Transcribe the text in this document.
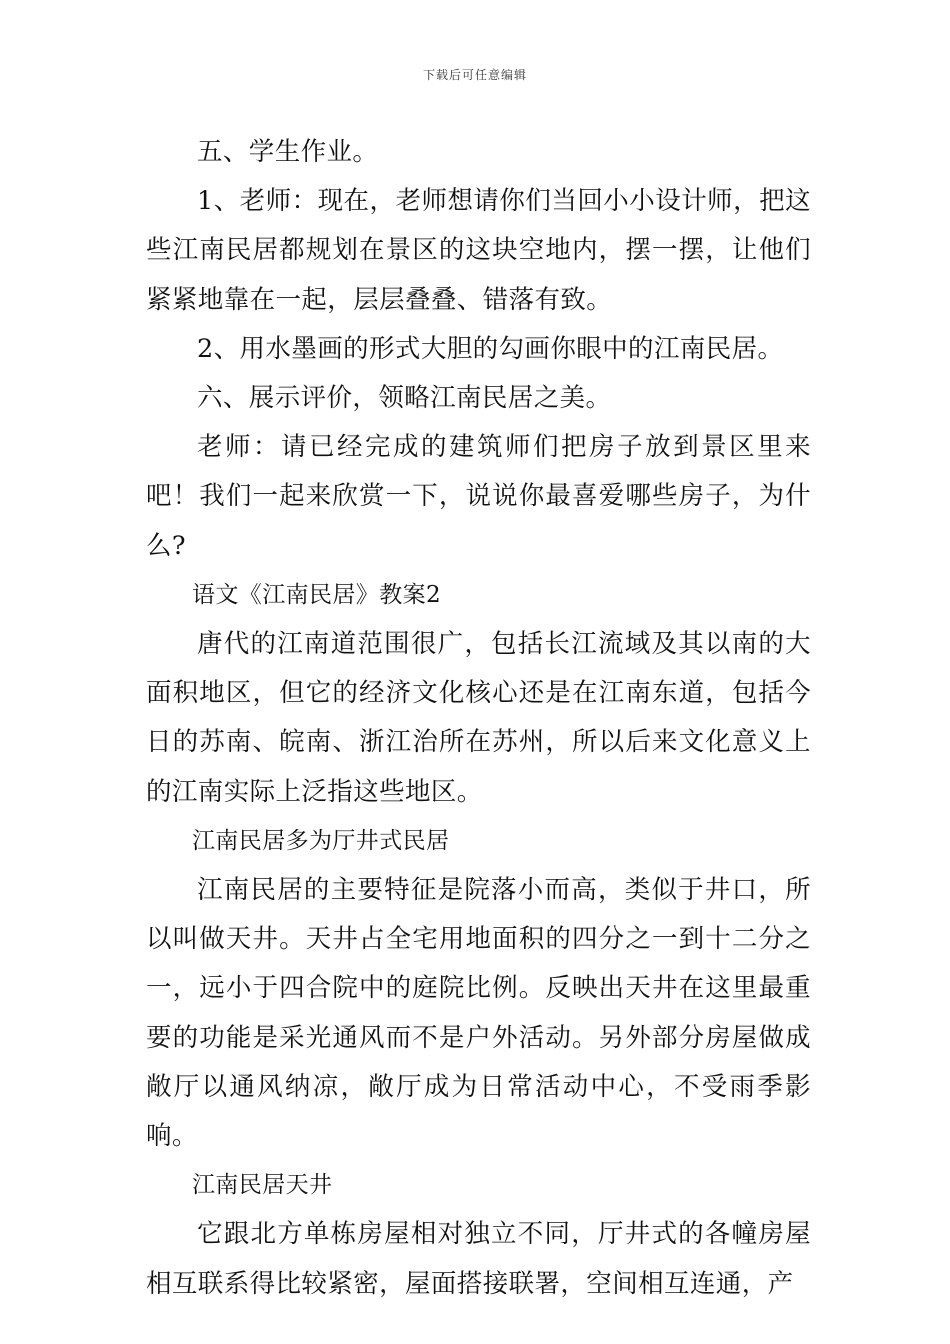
下载后可任意编辑

五、学生作业。

1、老师：现在，老师想请你们当回小小设计师，把这些江南民居都规划在景区的这块空地内，摆一摆，让他们紧紧地靠在一起，层层叠叠、错落有致。

2、用水墨画的形式大胆的勾画你眼中的江南民居。

六、展示评价，领略江南民居之美。

老师：请已经完成的建筑师们把房子放到景区里来吧！我们一起来欣赏一下，说说你最喜爱哪些房子，为什么?

语文《江南民居》教案2

唐代的江南道范围很广，包括长江流域及其以南的大面积地区，但它的经济文化核心还是在江南东道，包括今日的苏南、皖南、浙江治所在苏州，所以后来文化意义上的江南实际上泛指这些地区。

江南民居多为厅井式民居

江南民居的主要特征是院落小而高，类似于井口，所以叫做天井。天井占全宅用地面积的四分之一到十二分之一，远小于四合院中的庭院比例。反映出天井在这里最重要的功能是采光通风而不是户外活动。另外部分房屋做成敞厅以通风纳凉，敞厅成为日常活动中心，不受雨季影响。

江南民居天井

它跟北方单栋房屋相对独立不同，厅井式的各幢房屋相互联系得比较紧密，屋面搭接联署，空间相互连通，产
